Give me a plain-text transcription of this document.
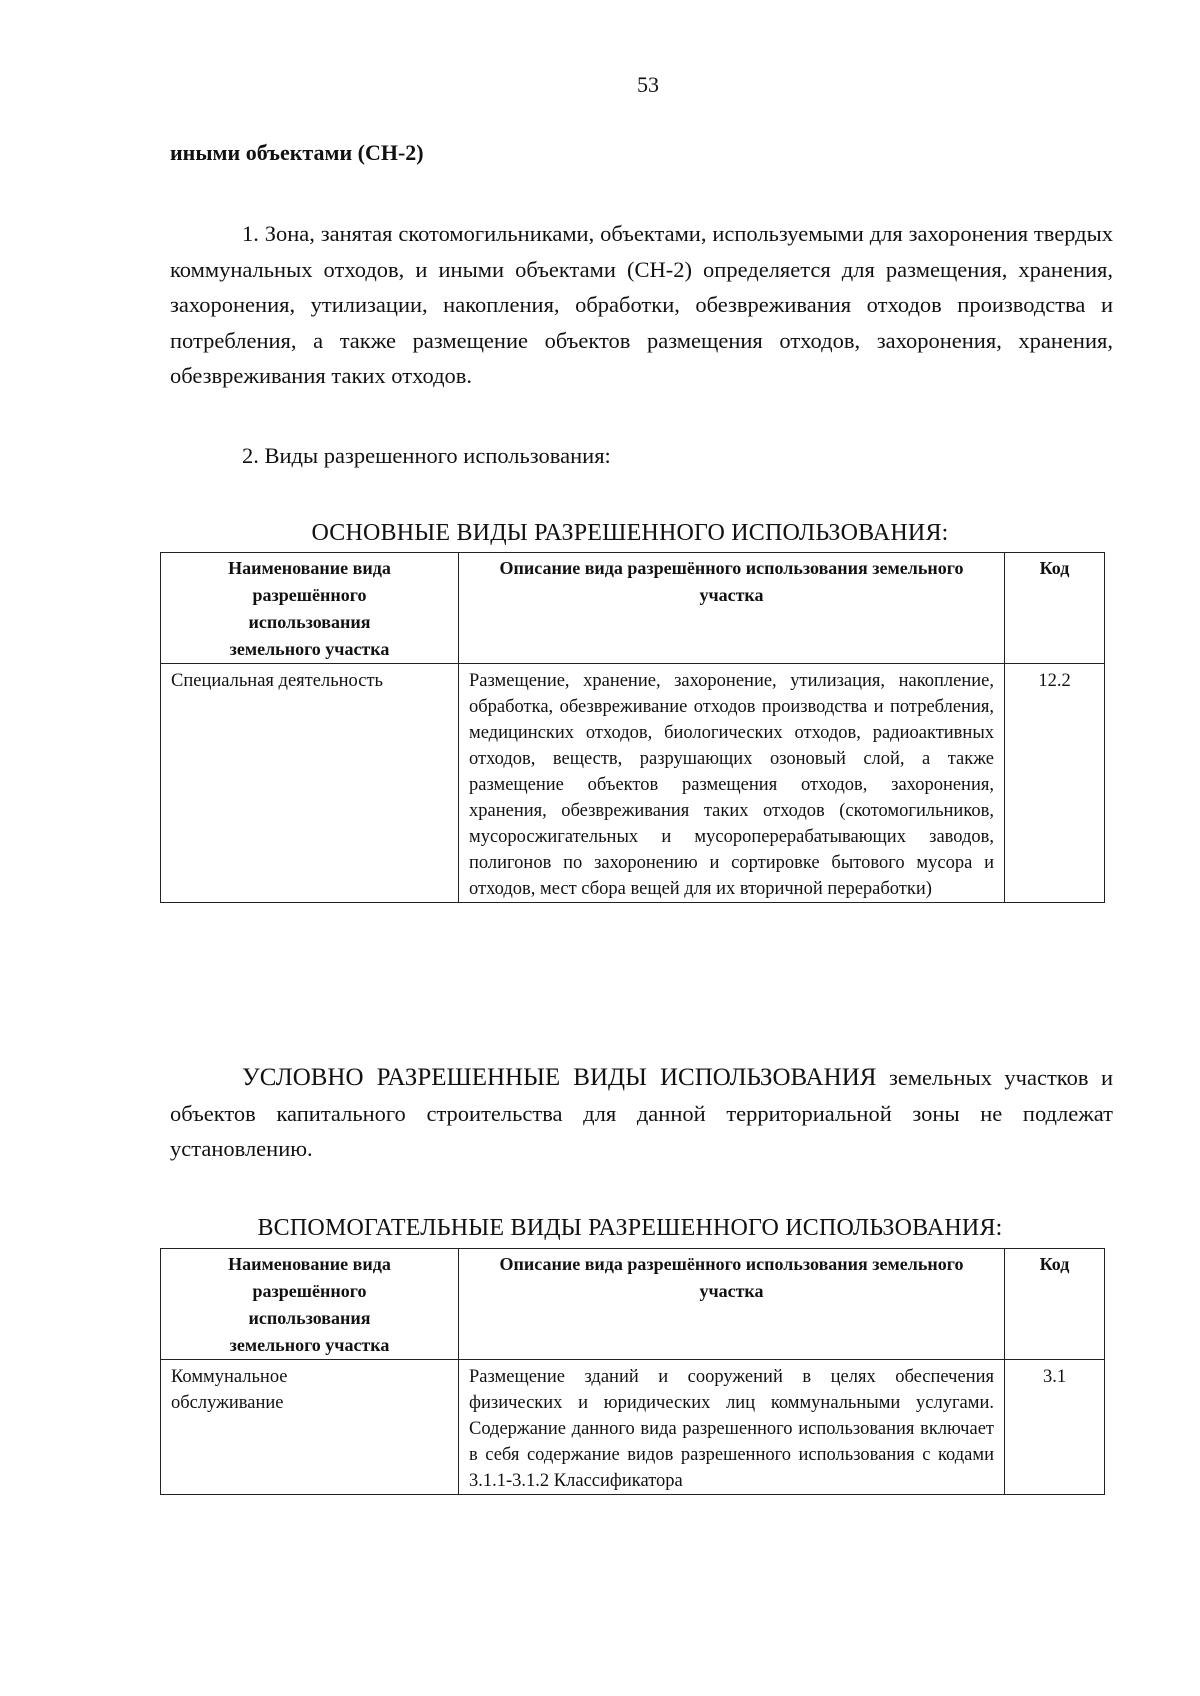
53
иными объектами (СН-2)

1. Зона, занятая скотомогильниками, объектами, используемыми для захоронения твердых коммунальных отходов, и иными объектами (СН-2) определяется для размещения, хранения, захоронения, утилизации, накопления, обработки, обезвреживания отходов производства и потребления, а также размещение объектов размещения отходов, захоронения, хранения, обезвреживания таких отходов.

2. Виды разрешенного использования:

ОСНОВНЫЕ ВИДЫ РАЗРЕШЕННОГО ИСПОЛЬЗОВАНИЯ:
Наименование вида разрешённого использования земельного участка	Описание вида разрешённого использования земельного участка	Код
Специальная деятельность	Размещение, хранение, захоронение, утилизация, накопление, обработка, обезвреживание отходов производства и потребления, медицинских отходов, биологических отходов, радиоактивных отходов, веществ, разрушающих озоновый слой, а также размещение объектов размещения отходов, захоронения, хранения, обезвреживания таких отходов (скотомогильников, мусоросжигательных и мусороперерабатывающих заводов, полигонов по захоронению и сортировке бытового мусора и отходов, мест сбора вещей для их вторичной переработки)	12.2

УСЛОВНО РАЗРЕШЕННЫЕ ВИДЫ ИСПОЛЬЗОВАНИЯ земельных участков и объектов капитального строительства для данной территориальной зоны не подлежат установлению.

ВСПОМОГАТЕЛЬНЫЕ ВИДЫ РАЗРЕШЕННОГО ИСПОЛЬЗОВАНИЯ:
Наименование вида разрешённого использования земельного участка	Описание вида разрешённого использования земельного участка	Код
Коммунальное обслуживание	Размещение зданий и сооружений в целях обеспечения физических и юридических лиц коммунальными услугами. Содержание данного вида разрешенного использования включает в себя содержание видов разрешенного использования с кодами 3.1.1-3.1.2 Классификатора	3.1
